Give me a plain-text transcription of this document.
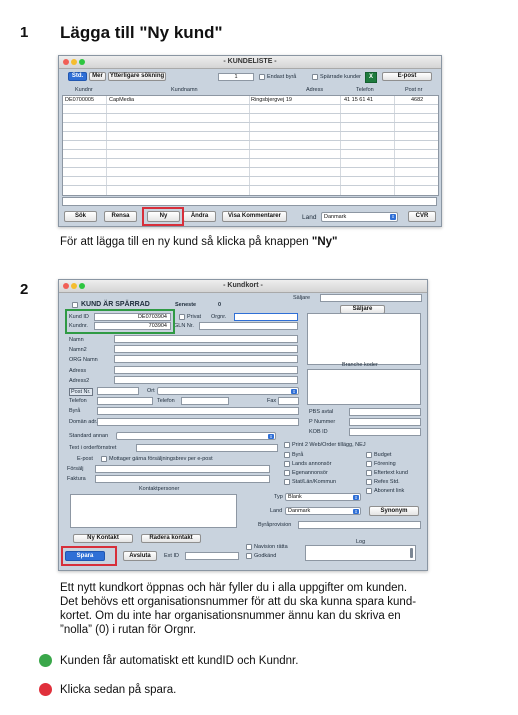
1 Lägga till "Ny kund"
- KUNDELISTE -
Std.	Mer	Ytterligare sökning	1	Endast byrå	Spärrade kunder	X	E-post
Kundnr	Kundnamn	Adress	Telefon	Post nr
DE0700005	CapMedia	Ringsbjergvej 19	41 15 61 41	4682
Sök	Rensa	Ny	Ändra	Visa Kommentarer	Land	Danmark	⇕	CVR
För att lägga till en ny kund så klicka på knappen "Ny"
2	- Kundkort -
Säljare
KUND ÄR SPÄRRAD	Seneste	0
Säljare
Kund ID	DE0703904	Privat Orgnr.
Kundnr.	703904	GLN Nr.
Namn
Namn2
ORG Namn
Adress
Adress2
Branche koder
Post Nr.	Ort	⇕
Telefon	Telefon	Fax
Byrå
Domän adr.
PBS avtal
P Nummer
KOB ID
Standard annan	⇕
Text i orderförnstret
E-post	Mottager gärna försäljningsbrev per e-post
Försälj
Faktura
Kontaktpersoner
Print 2 Web/Order tillägg, NEJ
Byrå
Lands annonsör
Egenannonsör
Stat/Län/Kommun
Budget
Förening
Eftertext kund
Refex Std.
Abonent link
Typ Blank	⇕
Land	Danmark	⇕	Synonym
Byråprovision
Ny Kontakt	Radera kontakt
Log
Navision rätta
Godkänd
Spara	Avsluta	Ext ID
Ett nytt kundkort öppnas och här fyller du i alla uppgifter om kunden.
Det behövs ett organisationsnummer för att du ska kunna spara kund-
kortet. Om du inte har organisationsnummer ännu kan du skriva en
”nolla” (0) i rutan för Orgnr.
Kunden får automatiskt ett kundID och Kundnr.
Klicka sedan på spara.
